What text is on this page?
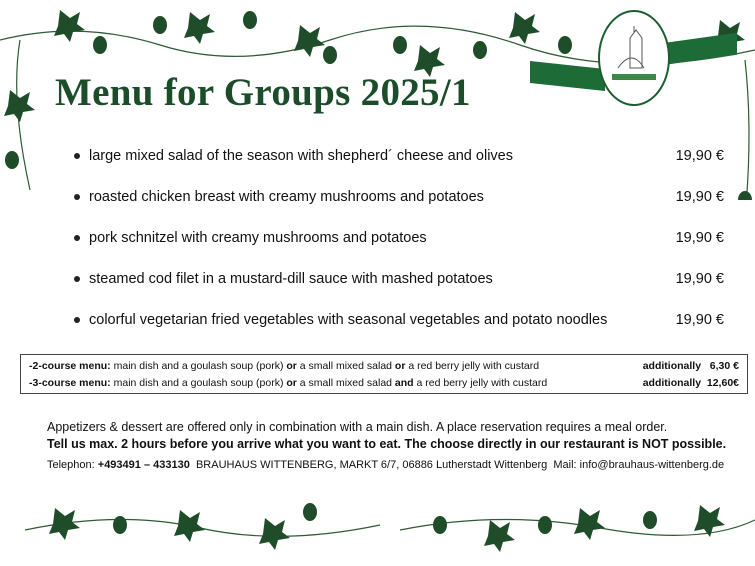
Menu for Groups 2025/1
large mixed salad of the season with shepherd´ cheese and olives	19,90 €
roasted chicken breast with creamy mushrooms and potatoes	19,90 €
pork schnitzel with creamy mushrooms and potatoes	19,90 €
steamed cod filet in a mustard-dill sauce with mashed potatoes	19,90 €
colorful vegetarian fried vegetables with seasonal vegetables and potato noodles	19,90 €
-2-course menu: main dish and a goulash soup (pork) or a small mixed salad or a red berry jelly with custard	additionally   6,30 €
-3-course menu: main dish and a goulash soup (pork) or a small mixed salad and a red berry jelly with custard	additionally  12,60€
Appetizers & dessert are offered only in combination with a main dish. A place reservation requires a meal order.
Tell us max. 2 hours before you arrive what you want to eat. The choose directly in our restaurant is NOT possible.
Telephon: +493491 – 433130  BRAUHAUS WITTENBERG, MARKT 6/7, 06886 Lutherstadt Wittenberg  Mail: info@brauhaus-wittenberg.de
